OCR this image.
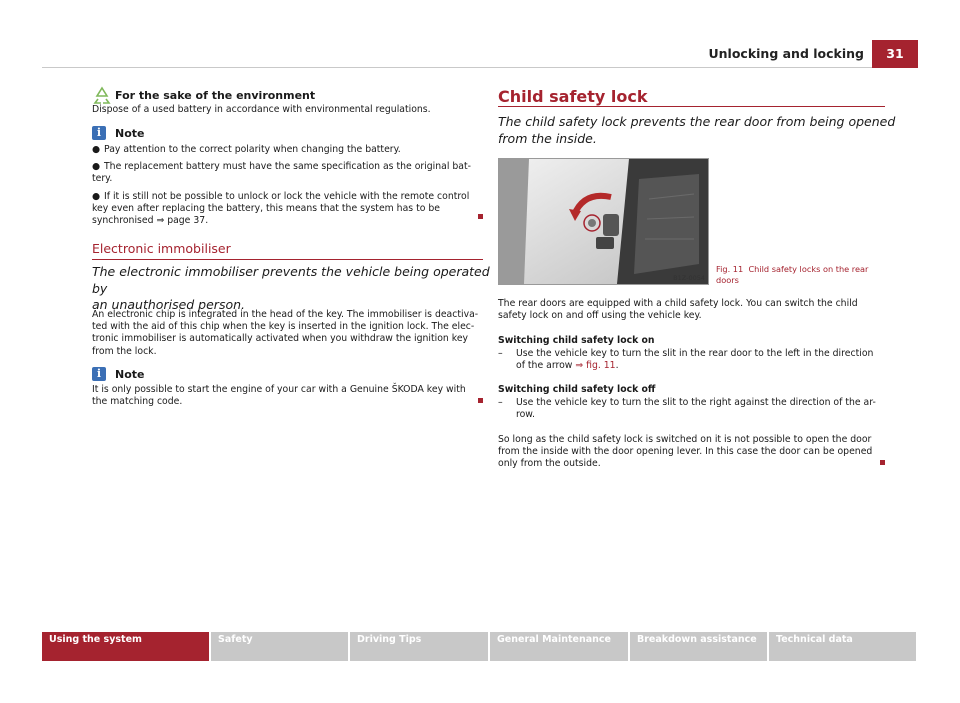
Unlocking and locking	31
For the sake of the environment
Dispose of a used battery in accordance with environmental regulations.
i	Note
● Pay attention to the correct polarity when changing the battery.
● The replacement battery must have the same specification as the original bat-
tery.
● If it is still not be possible to unlock or lock the vehicle with the remote control
key even after replacing the battery, this means that the system has to be
synchronised ⇒ page 37.
Electronic immobiliser
The electronic immobiliser prevents the vehicle being operated by
an unauthorised person.
An electronic chip is integrated in the head of the key. The immobiliser is deactiva-
ted with the aid of this chip when the key is inserted in the ignition lock. The elec-
tronic immobiliser is automatically activated when you withdraw the ignition key
from the lock.
i	Note
It is only possible to start the engine of your car with a Genuine ŠKODA key with
the matching code.
Child safety lock
The child safety lock prevents the rear door from being opened
from the inside.
B1Z-0054
Fig. 11 Child safety locks on the rear
doors
The rear doors are equipped with a child safety lock. You can switch the child
safety lock on and off using the vehicle key.
Switching child safety lock on
–	Use the vehicle key to turn the slit in the rear door to the left in the direction
of the arrow ⇒ fig. 11.
Switching child safety lock off
–	Use the vehicle key to turn the slit to the right against the direction of the ar-
row.
So long as the child safety lock is switched on it is not possible to open the door
from the inside with the door opening lever. In this case the door can be opened
only from the outside.
Using the system	Safety	Driving Tips	General Maintenance	Breakdown assistance	Technical data
